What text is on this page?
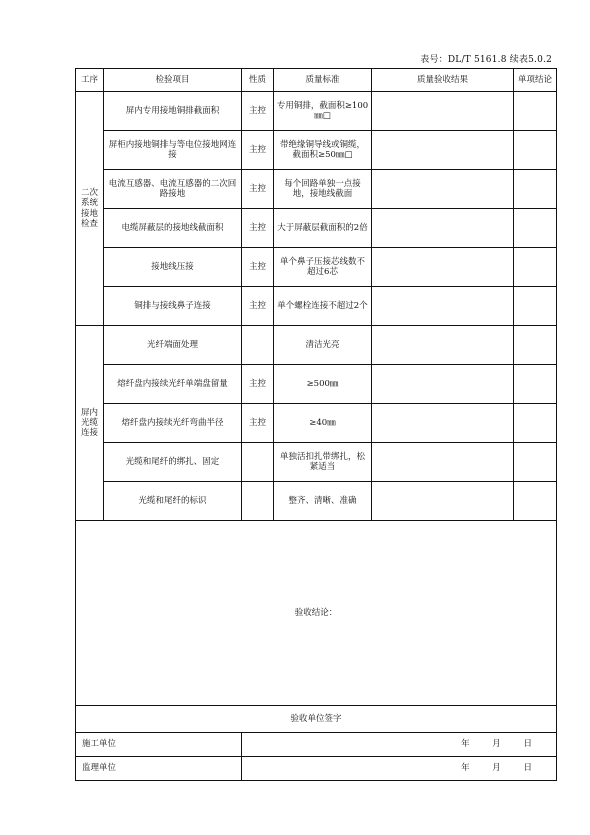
表号：DL/T 5161.8 续表5.0.2
工序	检验项目	性质	质量标准	质量验收结果	单项结论
二次系统接地检查	屏内专用接地铜排截面积	主控	专用铜排，截面积≥100㎜□		
	屏柜内接地铜排与等电位接地网连接	主控	带绝缘铜导线或铜缆，截面积≥50㎜□		
	电流互感器、电流互感器的二次回路接地	主控	每个回路单独一点接地，接地线截面		
	电缆屏蔽层的接地线截面积	主控	大于屏蔽层截面积的2倍		
	接地线压接	主控	单个鼻子压接芯线数不超过6芯		
	铜排与接线鼻子连接	主控	单个螺栓连接不超过2个		
屏内光缆连接	光纤端面处理		清洁光亮		
	熔纤盘内接续光纤单端盘留量	主控	≥500㎜		
	熔纤盘内接续光纤弯曲半径	主控	≥40㎜		
	光缆和尾纤的绑扎、固定		单独活扣扎带绑扎，松紧适当		
	光缆和尾纤的标识		整齐、清晰、准确		
验收结论：					
验收单位签字					
施工单位		年 月 日			
监理单位		年 月 日			
